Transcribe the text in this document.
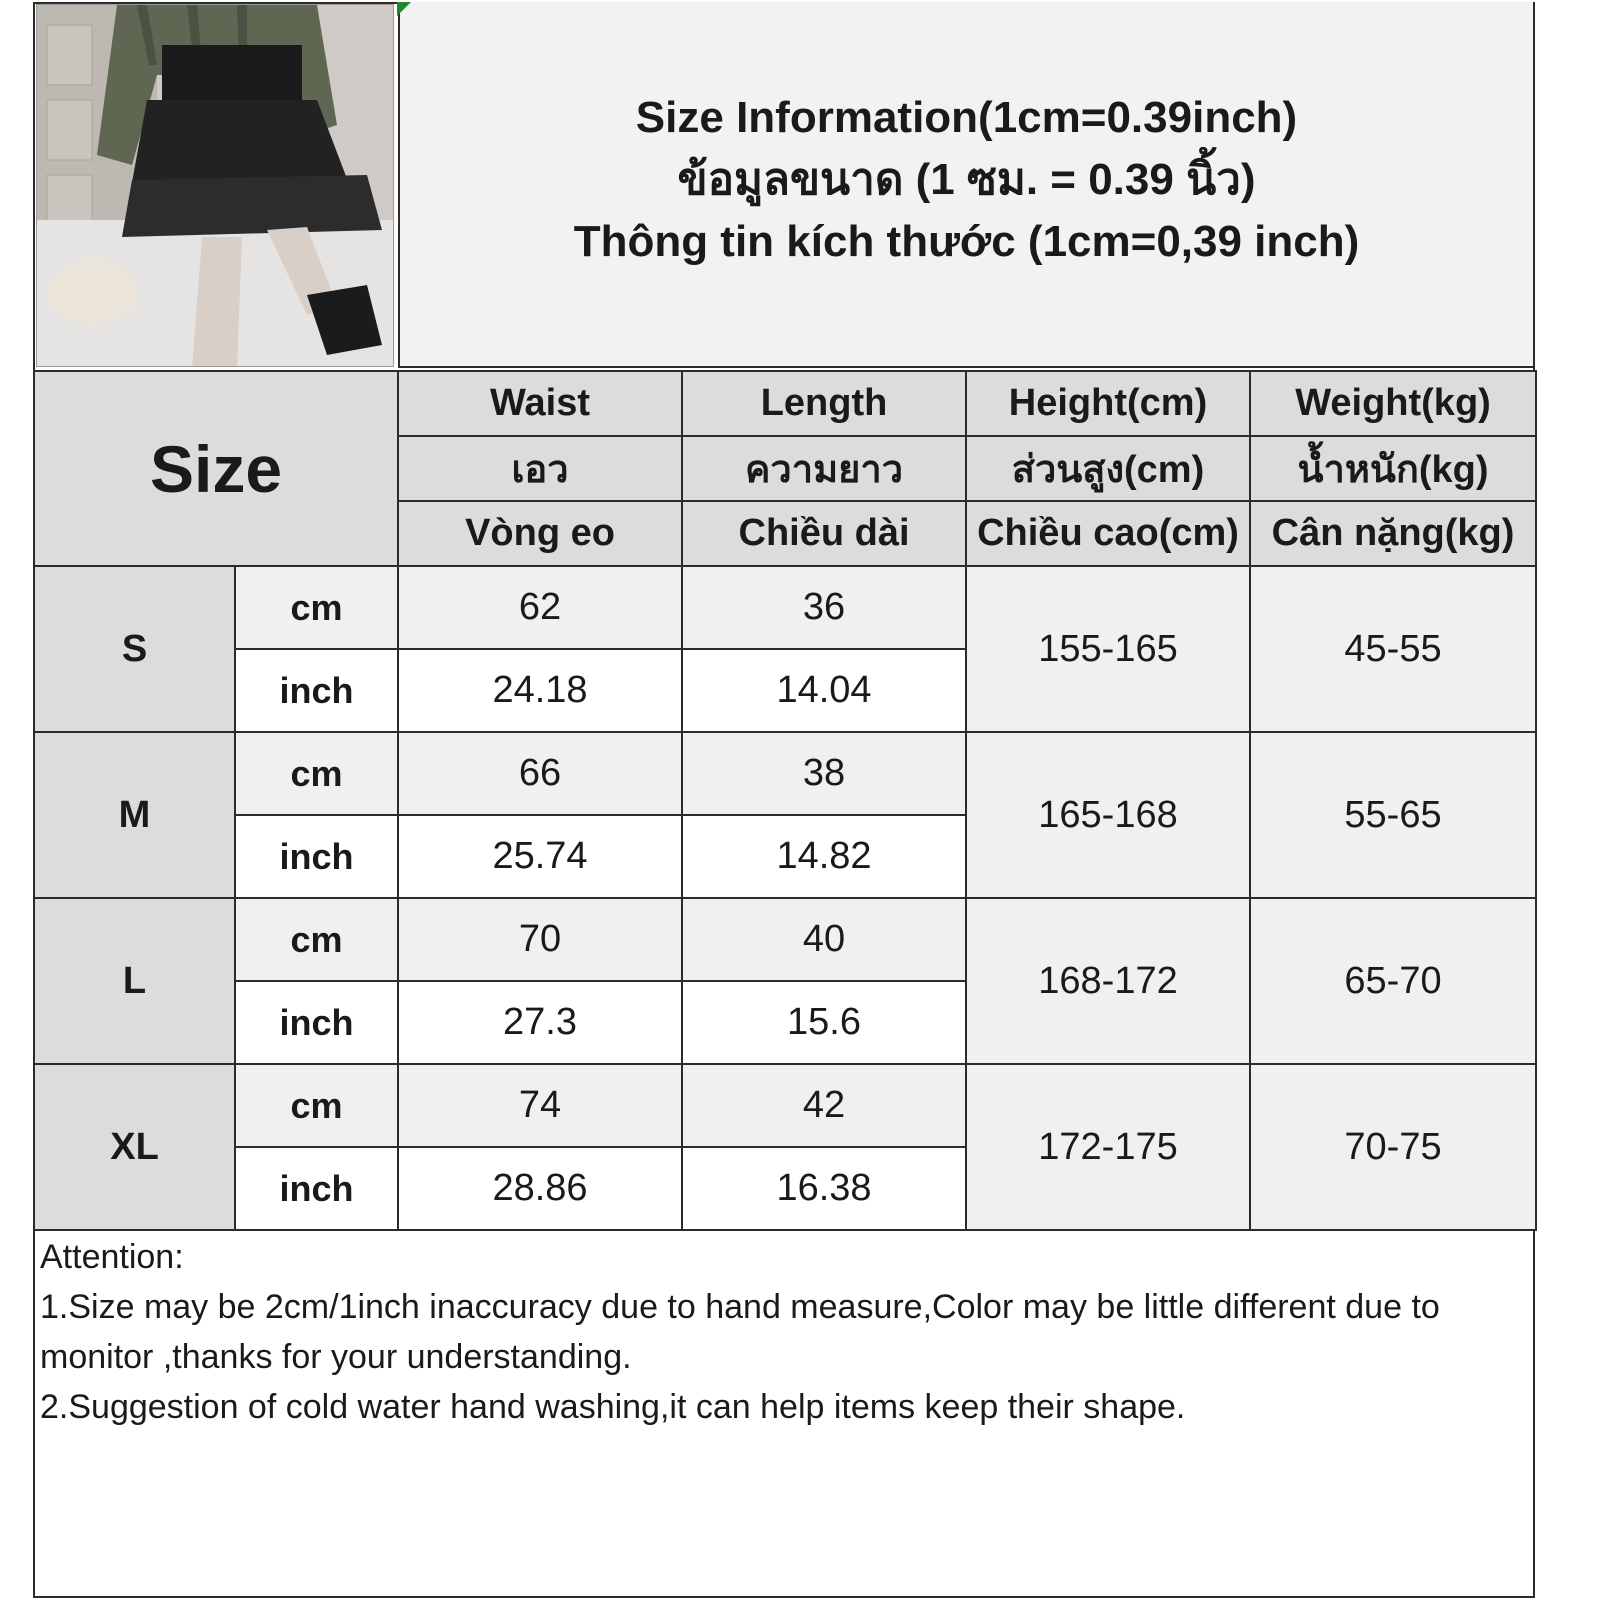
Size Information(1cm=0.39inch)
ข้อมูลขนาด (1 ซม. = 0.39 นิ้ว)
Thông tin kích thước (1cm=0,39 inch)
Size		Waist	Length	Height(cm)	Weight(kg)
		เอว	ความยาว	ส่วนสูง(cm)	น้ำหนัก(kg)
		Vòng eo	Chiều dài	Chiều cao(cm)	Cân nặng(kg)
S	cm	62	36	155-165	45-55
	inch	24.18	14.04		
M	cm	66	38	165-168	55-65
	inch	25.74	14.82		
L	cm	70	40	168-172	65-70
	inch	27.3	15.6		
XL	cm	74	42	172-175	70-75
	inch	28.86	16.38		
Attention:
1.Size may be 2cm/1inch inaccuracy due to hand measure,Color may be little different due to monitor ,thanks for your understanding.
2.Suggestion of cold water hand washing,it can help items keep their shape.
